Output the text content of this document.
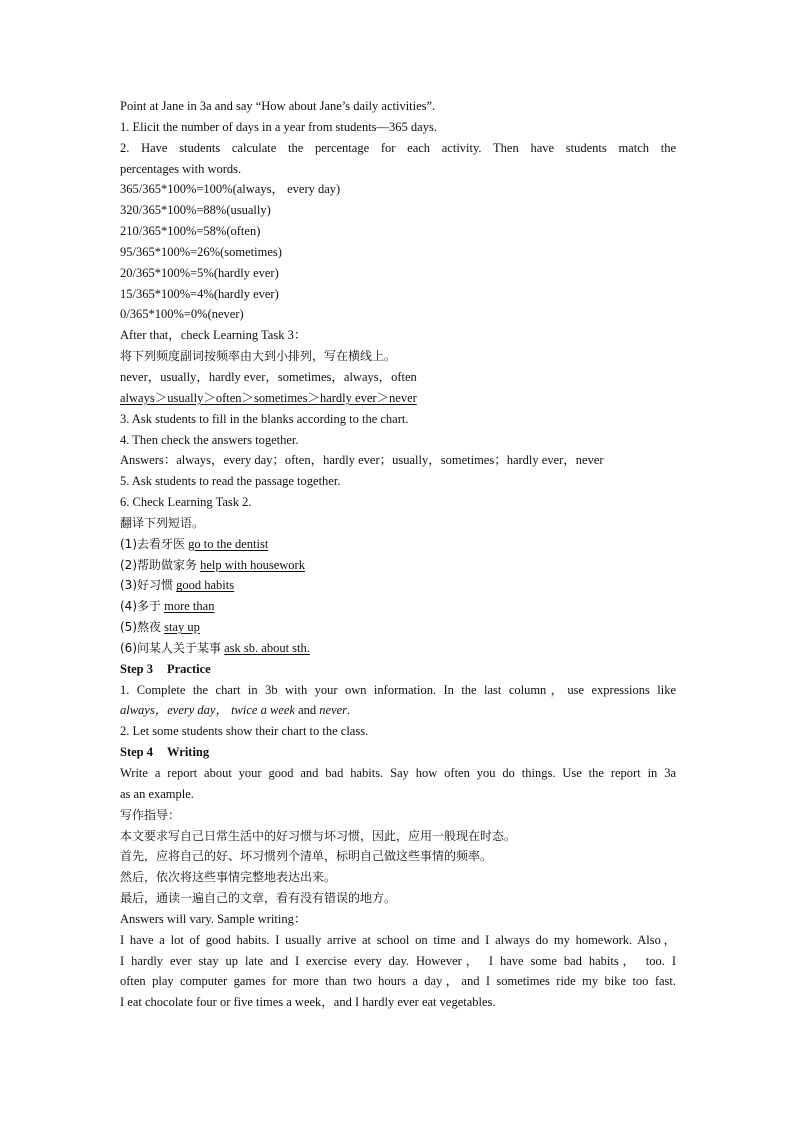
Point at Jane in 3a and say “How about Jane’s daily activities”.
1. Elicit the number of days in a year from students—365 days.
2. Have students calculate the percentage for each activity. Then have students match the
percentages with words.
365/365*100%=100%(always， every day)
320/365*100%=88%(usually)
210/365*100%=58%(often)
95/365*100%=26%(sometimes)
20/365*100%=5%(hardly ever)
15/365*100%=4%(hardly ever)
0/365*100%=0%(never)
After that，check Learning Task 3：
将下列频度副词按频率由大到小排列，写在横线上。
never，usually，hardly ever，sometimes，always，often
always＞usually＞often＞sometimes＞hardly ever＞never
3. Ask students to fill in the blanks according to the chart.
4. Then check the answers together.
Answers：always，every day；often，hardly ever；usually，sometimes；hardly ever，never
5. Ask students to read the passage together.
6. Check Learning Task 2.
翻译下列短语。
(1)去看牙医 go to the dentist
(2)帮助做家务 help with housework
(3)好习惯 good habits
(4)多于 more than
(5)熬夜 stay up
(6)问某人关于某事 ask sb. about sth.
Step 3 Practice
1. Complete the chart in 3b with your own information. In the last column，use expressions like
always，every day， twice a week and never.
2. Let some students show their chart to the class.
Step 4 Writing
Write a report about your good and bad habits. Say how often you do things. Use the report in 3a
as an example.
写作指导：
本文要求写自己日常生活中的好习惯与坏习惯，因此，应用一般现在时态。
首先，应将自己的好、坏习惯列个清单，标明自己做这些事情的频率。
然后，依次将这些事情完整地表达出来。
最后，通读一遍自己的文章，看有没有错误的地方。
Answers will vary. Sample writing：
I have a lot of good habits. I usually arrive at school on time and I always do my homework. Also，
I hardly ever stay up late and I exercise every day. However， I have some bad habits， too. I
often play computer games for more than two hours a day，and I sometimes ride my bike too fast.
I eat chocolate four or five times a week，and I hardly ever eat vegetables.
